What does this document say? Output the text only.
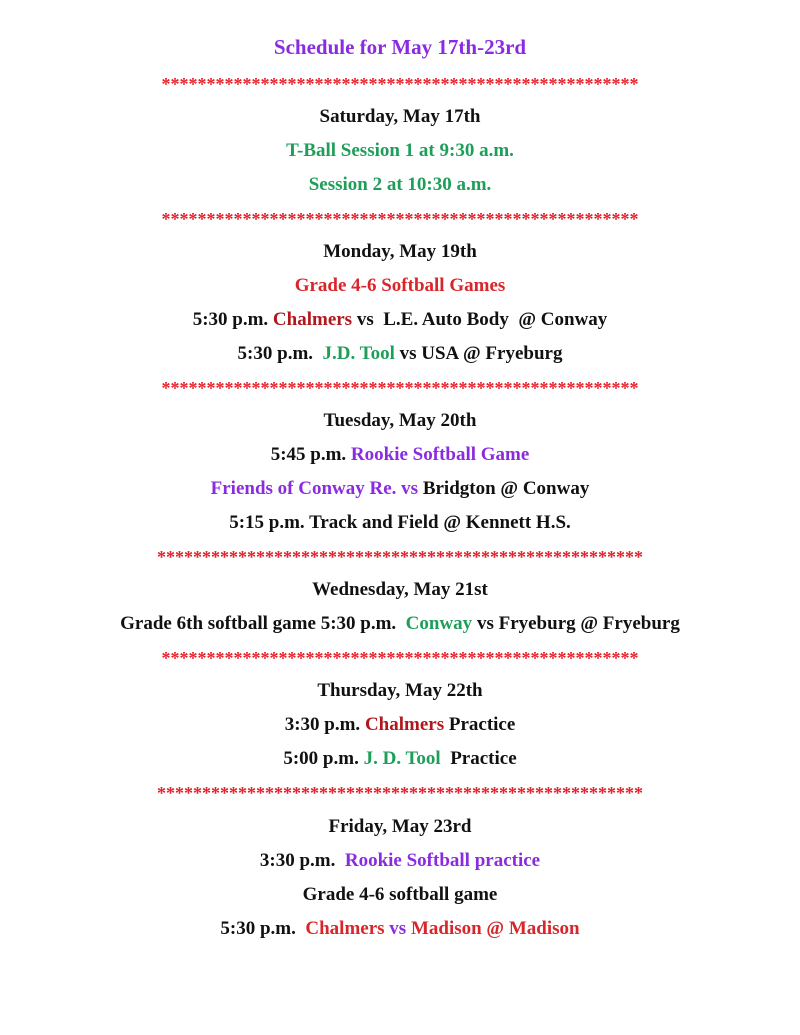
Schedule for May 17th-23rd
*****************************************************
Saturday, May 17th
T-Ball Session 1 at 9:30 a.m.
Session 2 at 10:30 a.m.
*****************************************************
Monday, May 19th
Grade 4-6 Softball Games
5:30 p.m. Chalmers vs  L.E. Auto Body  @ Conway
5:30 p.m.  J.D. Tool vs USA @ Fryeburg
*****************************************************
Tuesday, May 20th
5:45 p.m. Rookie Softball Game
Friends of Conway Re. vs Bridgton @ Conway
5:15 p.m. Track and Field @ Kennett H.S.
******************************************************
Wednesday, May 21st
Grade 6th softball game 5:30 p.m.  Conway vs Fryeburg @ Fryeburg
*****************************************************
Thursday, May 22th
3:30 p.m. Chalmers Practice
5:00 p.m. J. D. Tool  Practice
******************************************************
Friday, May 23rd
3:30 p.m.  Rookie Softball practice
Grade 4-6 softball game
5:30 p.m.  Chalmers vs Madison @ Madison
